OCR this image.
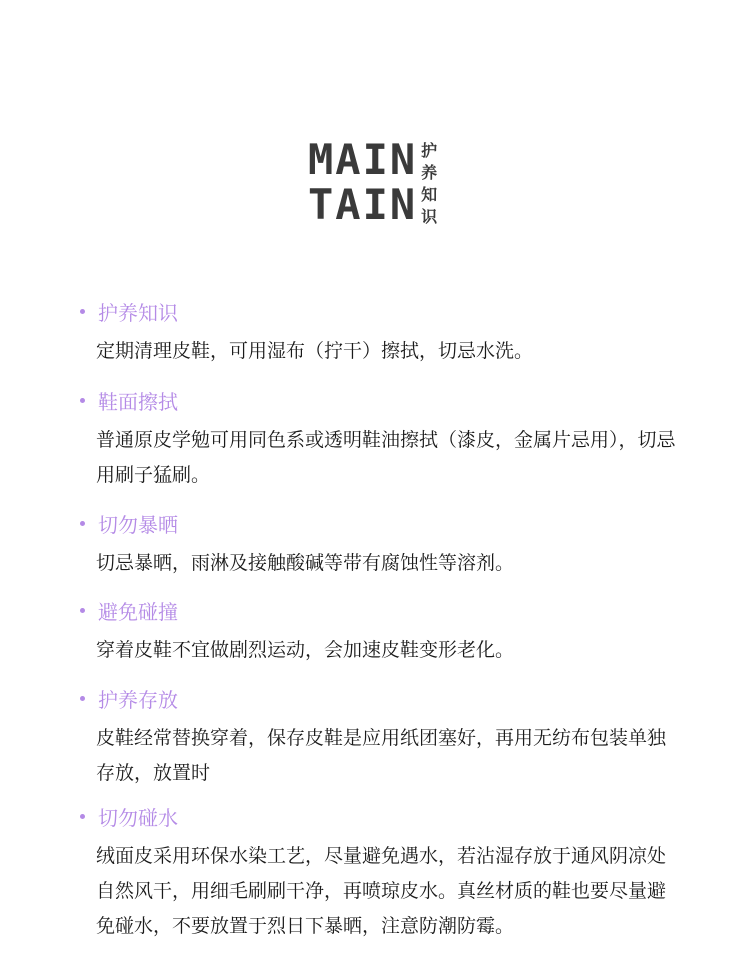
MAIN
TAIN
护
养
知
识
护养知识
定期清理皮鞋，可用湿布（拧干）擦拭，切忌水洗。
鞋面擦拭
普通原皮学勉可用同色系或透明鞋油擦拭（漆皮，金属片忌用），切忌用刷子猛刷。
切勿暴晒
切忌暴晒，雨淋及接触酸碱等带有腐蚀性等溶剂。
避免碰撞
穿着皮鞋不宜做剧烈运动，会加速皮鞋变形老化。
护养存放
皮鞋经常替换穿着，保存皮鞋是应用纸团塞好，再用无纺布包装单独存放，放置时
切勿碰水
绒面皮采用环保水染工艺，尽量避免遇水，若沾湿存放于通风阴凉处自然风干，用细毛刷刷干净，再喷琼皮水。真丝材质的鞋也要尽量避免碰水，不要放置于烈日下暴晒，注意防潮防霉。
